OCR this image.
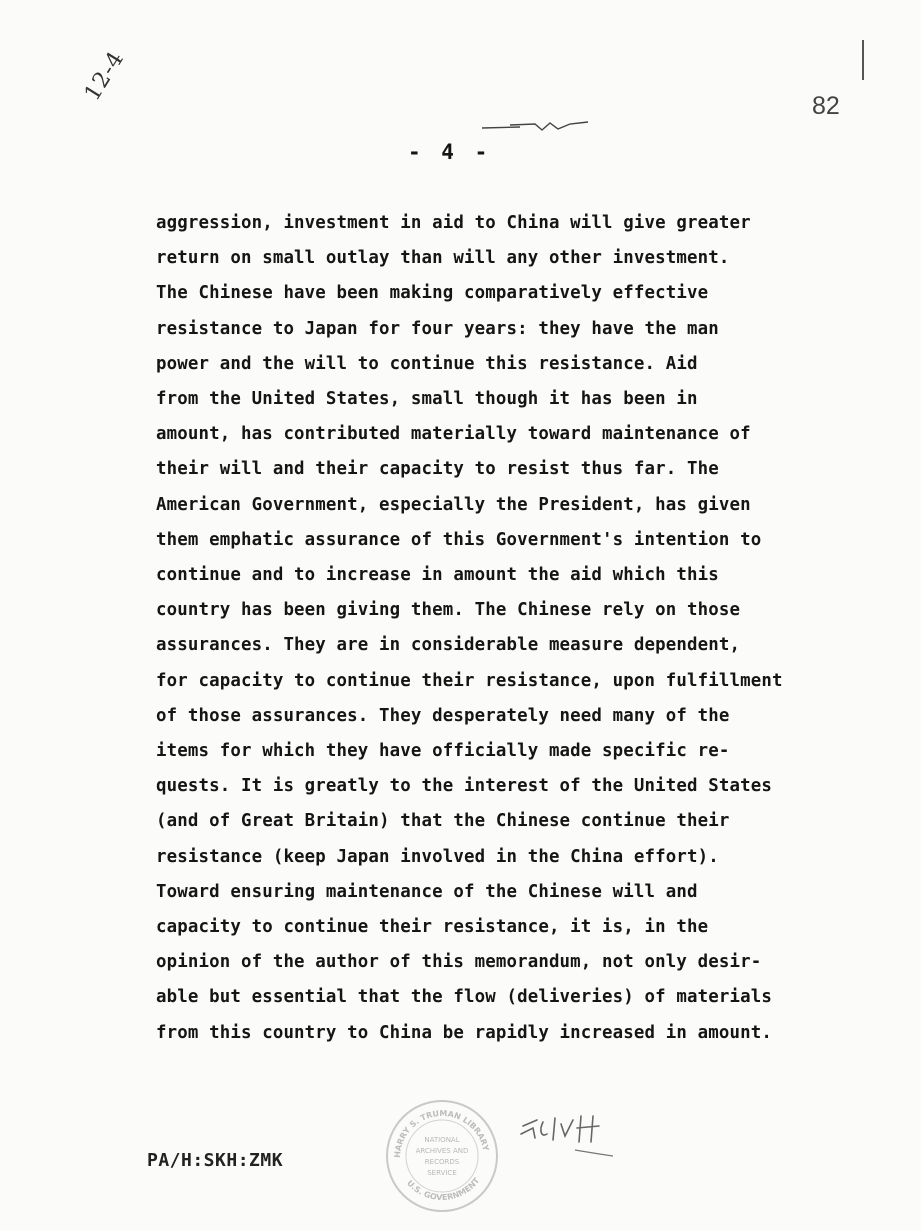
12-4
82
- 4 -
aggression, investment in aid to China will give greater
return on small outlay than will any other investment.
The Chinese have been making comparatively effective
resistance to Japan for four years: they have the man
power and the will to continue this resistance. Aid
from the United States, small though it has been in
amount, has contributed materially toward maintenance of
their will and their capacity to resist thus far. The
American Government, especially the President, has given
them emphatic assurance of this Government's intention to
continue and to increase in amount the aid which this
country has been giving them. The Chinese rely on those
assurances. They are in considerable measure dependent,
for capacity to continue their resistance, upon fulfillment
of those assurances. They desperately need many of the
items for which they have officially made specific re-
quests. It is greatly to the interest of the United States
(and of Great Britain) that the Chinese continue their
resistance (keep Japan involved in the China effort).
Toward ensuring maintenance of the Chinese will and
capacity to continue their resistance, it is, in the
opinion of the author of this memorandum, not only desir-
able but essential that the flow (deliveries) of materials
from this country to China be rapidly increased in amount.
HARRY S. TRUMAN LIBRARY
U.S. GOVERNMENT
NATIONAL
ARCHIVES AND
RECORDS
SERVICE
PA/H:SKH:ZMK
